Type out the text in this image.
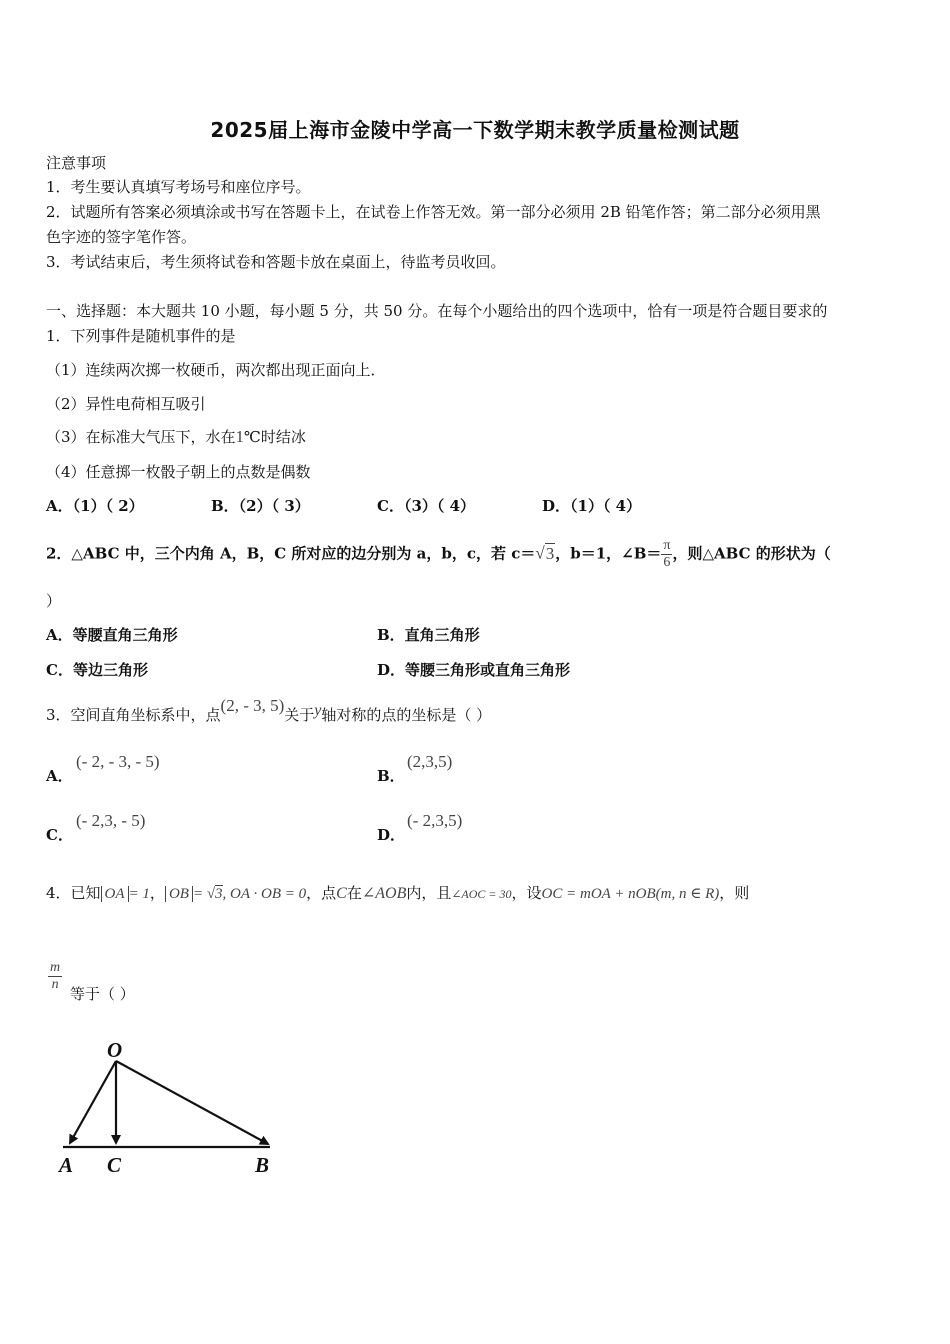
2025届上海市金陵中学高一下数学期末教学质量检测试题
注意事项
1．考生要认真填写考场号和座位序号。
2．试题所有答案必须填涂或书写在答题卡上，在试卷上作答无效。第一部分必须用 2B 铅笔作答；第二部分必须用黑
色字迹的签字笔作答。
3．考试结束后，考生须将试卷和答题卡放在桌面上，待监考员收回。
一、选择题：本大题共 10 小题，每小题 5 分，共 50 分。在每个小题给出的四个选项中，恰有一项是符合题目要求的
1．下列事件是随机事件的是
（1）连续两次掷一枚硬币，两次都出现正面向上．
（2）异性电荷相互吸引
（3）在标准大气压下，水在1℃时结冰
（4）任意掷一枚骰子朝上的点数是偶数
A．（1）（ 2）	B．（2）（ 3）	C．（3）（ 4）	D．（1）（ 4）
2．△ABC 中，三个内角 A，B，C 所对应的边分别为 a，b，c，若 c＝√3，b＝1，∠B＝ $\frac{\pi}{6}$ ，则△ABC 的形状为（
）
A．等腰直角三角形	B．直角三角形
C．等边三角形	D．等腰三角形或直角三角形
3．空间直角坐标系中，点(2, - 3, 5)关于y轴对称的点的坐标是（ ）
A．
(- 2, - 3, - 5)
B．
(2,3,5)
C．
(- 2,3, - 5)
D．
(- 2,3,5)
4．已知 OA = 1， OB = √3, OA · OB = 0，点C在∠AOB内，且∠AOC = 30，设OC = mOA + nOB(m, n ∈ R)，则
$\frac{m}{n}$
等于（ ）
O
A C	B
